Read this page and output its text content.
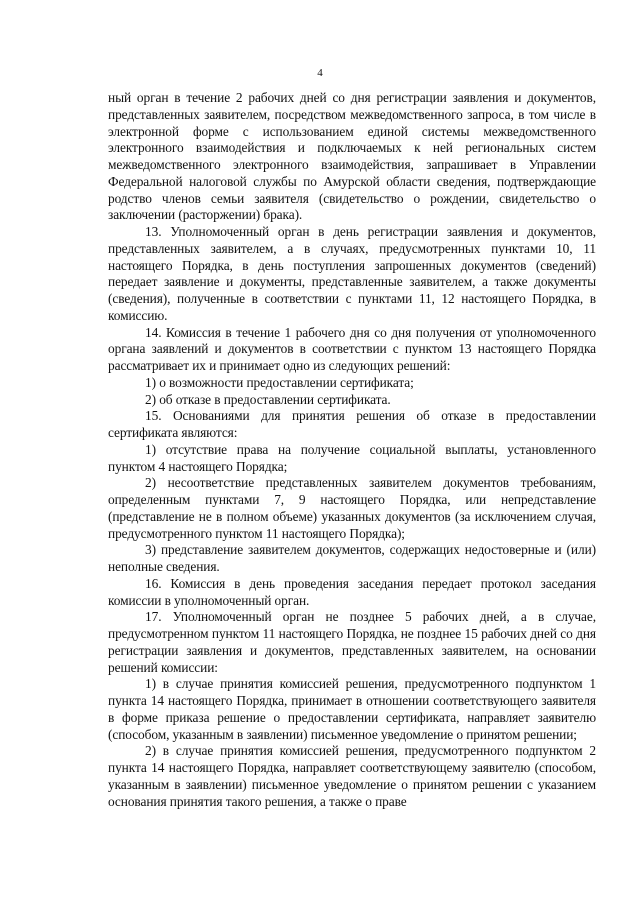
4

ный орган в течение 2 рабочих дней со дня регистрации заявления и документов, представленных заявителем, посредством межведомственного запроса, в том числе в электронной форме с использованием единой системы межведомственного электронного взаимодействия и подключаемых к ней региональных систем межведомственного электронного взаимодействия, запрашивает в Управлении Федеральной налоговой службы по Амурской области сведения, подтверждающие родство членов семьи заявителя (свидетельство о рождении, свидетельство о заключении (расторжении) брака).

13. Уполномоченный орган в день регистрации заявления и документов, представленных заявителем, а в случаях, предусмотренных пунктами 10, 11 настоящего Порядка, в день поступления запрошенных документов (сведений) передает заявление и документы, представленные заявителем, а также документы (сведения), полученные в соответствии с пунктами 11, 12 настоящего Порядка, в комиссию.

14. Комиссия в течение 1 рабочего дня со дня получения от уполномоченного органа заявлений и документов в соответствии с пунктом 13 настоящего Порядка рассматривает их и принимает одно из следующих решений:

1) о возможности предоставлении сертификата;

2) об отказе в предоставлении сертификата.

15. Основаниями для принятия решения об отказе в предоставлении сертификата являются:

1) отсутствие права на получение социальной выплаты, установленного пунктом 4 настоящего Порядка;

2) несоответствие представленных заявителем документов требованиям, определенным пунктами 7, 9 настоящего Порядка, или непредставление (представление не в полном объеме) указанных документов (за исключением случая, предусмотренного пунктом 11 настоящего Порядка);

3) представление заявителем документов, содержащих недостоверные и (или) неполные сведения.

16. Комиссия в день проведения заседания передает протокол заседания комиссии в уполномоченный орган.

17. Уполномоченный орган не позднее 5 рабочих дней, а в случае, предусмотренном пунктом 11 настоящего Порядка, не позднее 15 рабочих дней со дня регистрации заявления и документов, представленных заявителем, на основании решений комиссии:

1) в случае принятия комиссией решения, предусмотренного подпунктом 1 пункта 14 настоящего Порядка, принимает в отношении соответствующего заявителя в форме приказа решение о предоставлении сертификата, направляет заявителю (способом, указанным в заявлении) письменное уведомление о принятом решении;

2) в случае принятия комиссией решения, предусмотренного подпунктом 2 пункта 14 настоящего Порядка, направляет соответствующему заявителю (способом, указанным в заявлении) письменное уведомление о принятом решении с указанием основания принятия такого решения, а также о праве
